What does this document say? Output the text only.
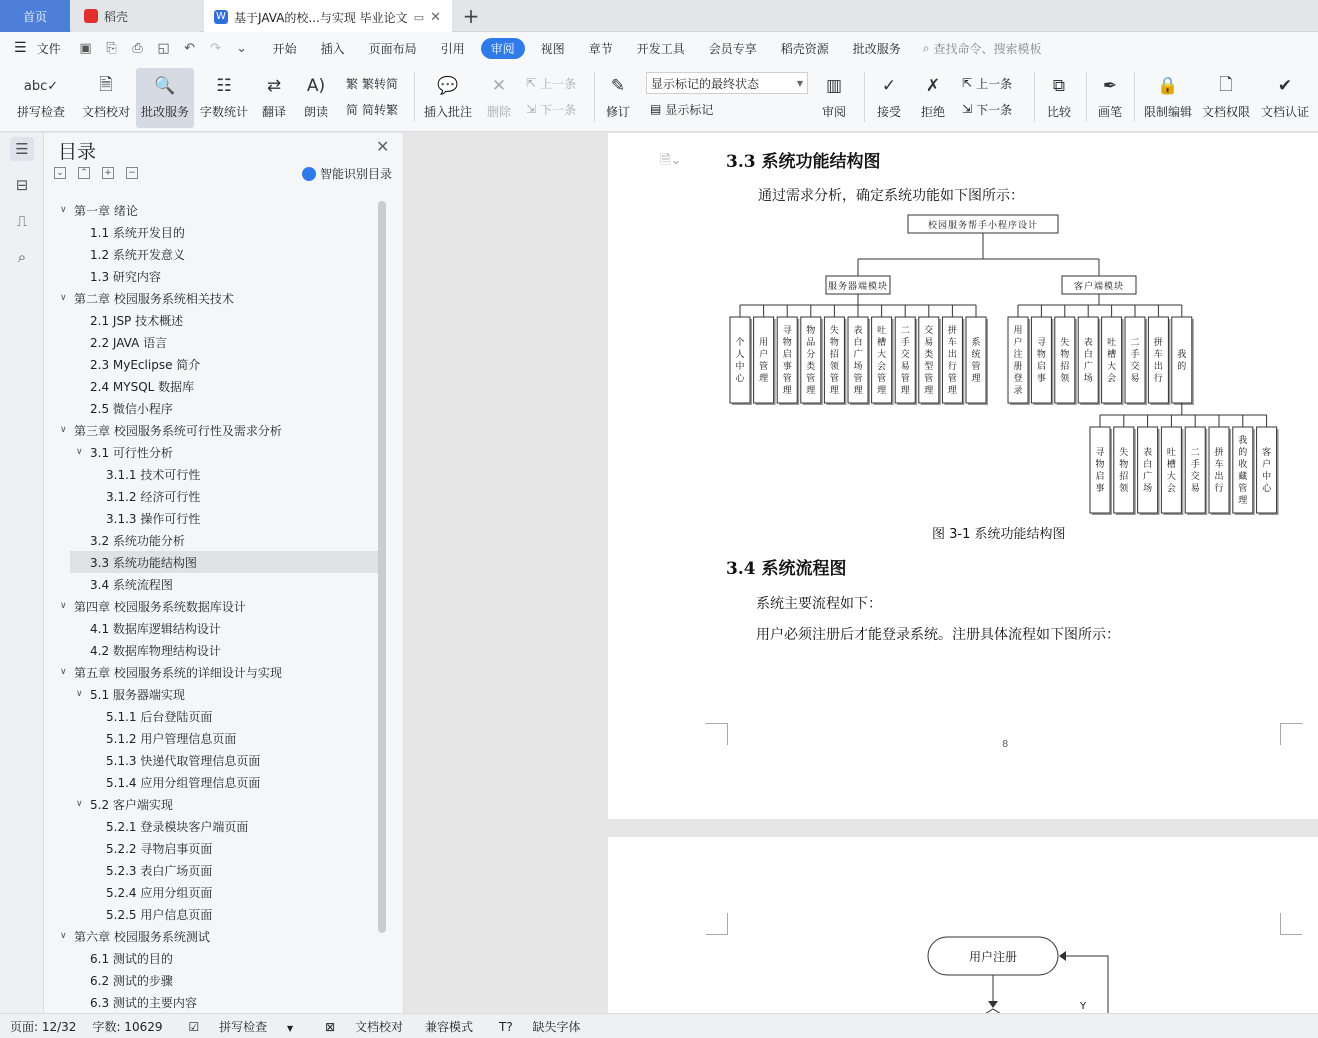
首页	稻壳	W 基于JAVA的校...与实现 毕业论文 ▭ ✕	+
☰ 文件	▣ ⎘ ⎙ ◱ ↶ ↷ ⌄	开始	插入	页面布局	引用	审阅	视图	章节	开发工具	会员专享	稻壳资源	批改服务	⌕ 查找命令、搜索模板
abc✓
拼写检查
🗎
文档校对
🔍
批改服务
☷
字数统计
⇄
翻译
A)
朗读
繁 繁转简
简 简转繁
💬
插入批注
✕
删除
⇱ 上一条
⇲ 下一条
✎
修订
显示标记的最终状态	▼
▤ 显示标记
▥
审阅
✓
接受
✗
拒绝
⇱ 上一条
⇲ 下一条
⧉
比较
✒
画笔
🔒
限制编辑
🗋
文档权限
✔
文档认证
☰
⊟
⎍
⌕
目录	✕
⌄ ⌃ + −	智能识别目录
∨ 第一章 绪论
1.1 系统开发目的
1.2 系统开发意义
1.3 研究内容
∨ 第二章 校园服务系统相关技术
2.1 JSP 技术概述
2.2 JAVA 语言
2.3 MyEclipse 简介
2.4 MYSQL 数据库
2.5 微信小程序
∨ 第三章 校园服务系统可行性及需求分析
∨ 3.1 可行性分析
3.1.1 技术可行性
3.1.2 经济可行性
3.1.3 操作可行性
3.2 系统功能分析
3.3 系统功能结构图
3.4 系统流程图
∨ 第四章 校园服务系统数据库设计
4.1 数据库逻辑结构设计
4.2 数据库物理结构设计
∨ 第五章 校园服务系统的详细设计与实现
∨ 5.1 服务器端实现
5.1.1 后台登陆页面
5.1.2 用户管理信息页面
5.1.3 快递代取管理信息页面
5.1.4 应用分组管理信息页面
∨ 5.2 客户端实现
5.2.1 登录模块客户端页面
5.2.2 寻物启事页面
5.2.3 表白广场页面
5.2.4 应用分组页面
5.2.5 用户信息页面
∨ 第六章 校园服务系统测试
6.1 测试的目的
6.2 测试的步骤
6.3 测试的主要内容
🗎⌄	3.3 系统功能结构图
通过需求分析，确定系统功能如下图所示：
校园服务帮手小程序设计
服务器端模块	客户端模块
个
人
中
心
用
户
管
理
寻
物
启
事
管
理
物
品
分
类
管
理
失
物
招
领
管
理
表
白
广
场
管
理
吐
槽
大
会
管
理
二
手
交
易
管
理
交
易
类
型
管
理
拼
车
出
行
管
理
系
统
管
理
用
户
注
册
登
录
寻
物
启
事
失
物
招
领
表
白
广
场
吐
槽
大
会
二
手
交
易
拼
车
出
行
我
的
寻
物
启
事
失
物
招
领
表
白
广
场
吐
槽
大
会
二
手
交
易
拼
车
出
行
我
的
收
藏
管
理
客
户
中
心
图 3-1 系统功能结构图
3.4 系统流程图
系统主要流程如下：
用户必须注册后才能登录系统。注册具体流程如下图所示：
8
用户注册
Y
页面: 12/32 字数: 10629	☑ 拼写检查 ▼	⊠ 文档校对	兼容模式	T? 缺失字体
